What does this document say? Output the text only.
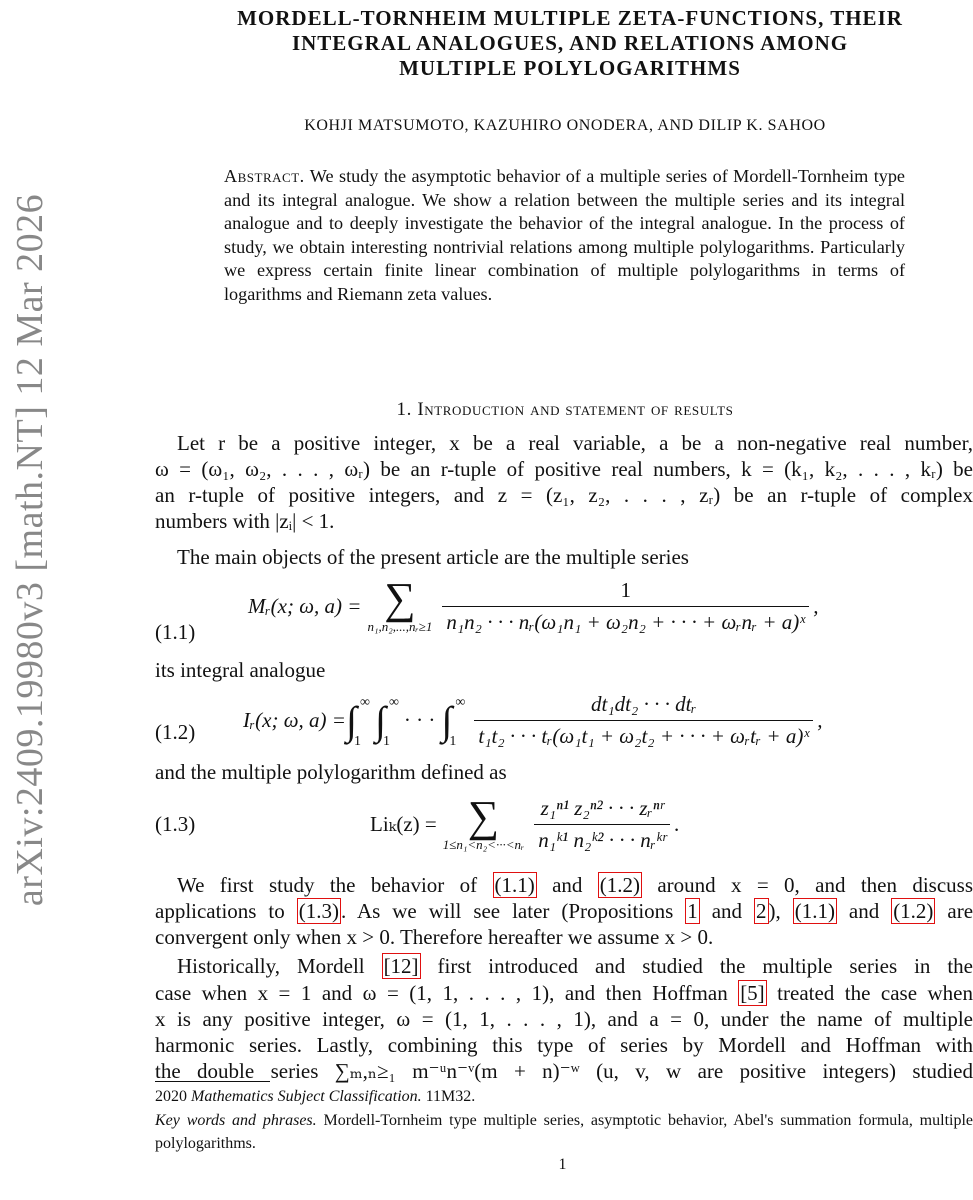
arXiv:2409.19980v3 [math.NT] 12 Mar 2026
MORDELL-TORNHEIM MULTIPLE ZETA-FUNCTIONS, THEIR
INTEGRAL ANALOGUES, AND RELATIONS AMONG
MULTIPLE POLYLOGARITHMS
KOHJI MATSUMOTO, KAZUHIRO ONODERA, AND DILIP K. SAHOO
Abstract. We study the asymptotic behavior of a multiple series of Mordell-Tornheim type and its integral analogue. We show a relation between the multiple series and its integral analogue and to deeply investigate the behavior of the integral analogue. In the process of study, we obtain interesting nontrivial relations among multiple polylogarithms. Particularly we express certain finite linear combination of multiple polylogarithms in terms of logarithms and Riemann zeta values.
1. Introduction and statement of results
Let r be a positive integer, x be a real variable, a be a non-negative real number,
ω = (ω₁, ω₂, . . . , ωᵣ) be an r-tuple of positive real numbers, k = (k₁, k₂, . . . , kᵣ) be
an r-tuple of positive integers, and z = (z₁, z₂, . . . , zᵣ) be an r-tuple of complex
numbers with |zᵢ| < 1.
The main objects of the present article are the multiple series
(1.1)
Mᵣ(x; ω, a) = ∑
n₁,n₂,...,nᵣ≥1 $\frac{1}{\text{n₁n₂ · · · nᵣ(ω₁n₁ + ω₂n₂ + · · · + ωᵣnᵣ + a)ˣ}}$ ,
its integral analogue
(1.2) Iᵣ(x; ω, a) = ∫ ∞
1 ∫ ∞
1
· · · ∫ ∞
$1 \frac{\text{dt₁dt₂ · · · dtᵣ}}{\text{t₁t₂ · · · tᵣ(ω₁t₁ + ω₂t₂ + · · · + ωᵣtᵣ + a)ˣ}}$ ,
and the multiple polylogarithm defined as
(1.3)	Liₖ(z) = ∑
1≤n₁<n₂<···<nᵣ $\frac{\text{z₁ⁿ¹ z₂ⁿ² · · · zᵣⁿʳ}}{\text{n₁ᵏ¹ n₂ᵏ² · · · nᵣᵏʳ}}$ .
We first study the behavior of (1.1) and (1.2) around x = 0, and then discuss
applications to (1.3). As we will see later (Propositions 1 and 2), (1.1) and (1.2) are
convergent only when x > 0. Therefore hereafter we assume x > 0.
Historically, Mordell [12] first introduced and studied the multiple series in the
case when x = 1 and ω = (1, 1, . . . , 1), and then Hoffman [5] treated the case when
x is any positive integer, ω = (1, 1, . . . , 1), and a = 0, under the name of multiple
harmonic series. Lastly, combining this type of series by Mordell and Hoffman with
the double series ∑ₘ,ₙ≥₁ m⁻ᵘn⁻ᵛ(m + n)⁻ʷ (u, v, w are positive integers) studied
2020 Mathematics Subject Classification. 11M32.
Key words and phrases. Mordell-Tornheim type multiple series, asymptotic behavior, Abel's summation formula, multiple polylogarithms.
1
